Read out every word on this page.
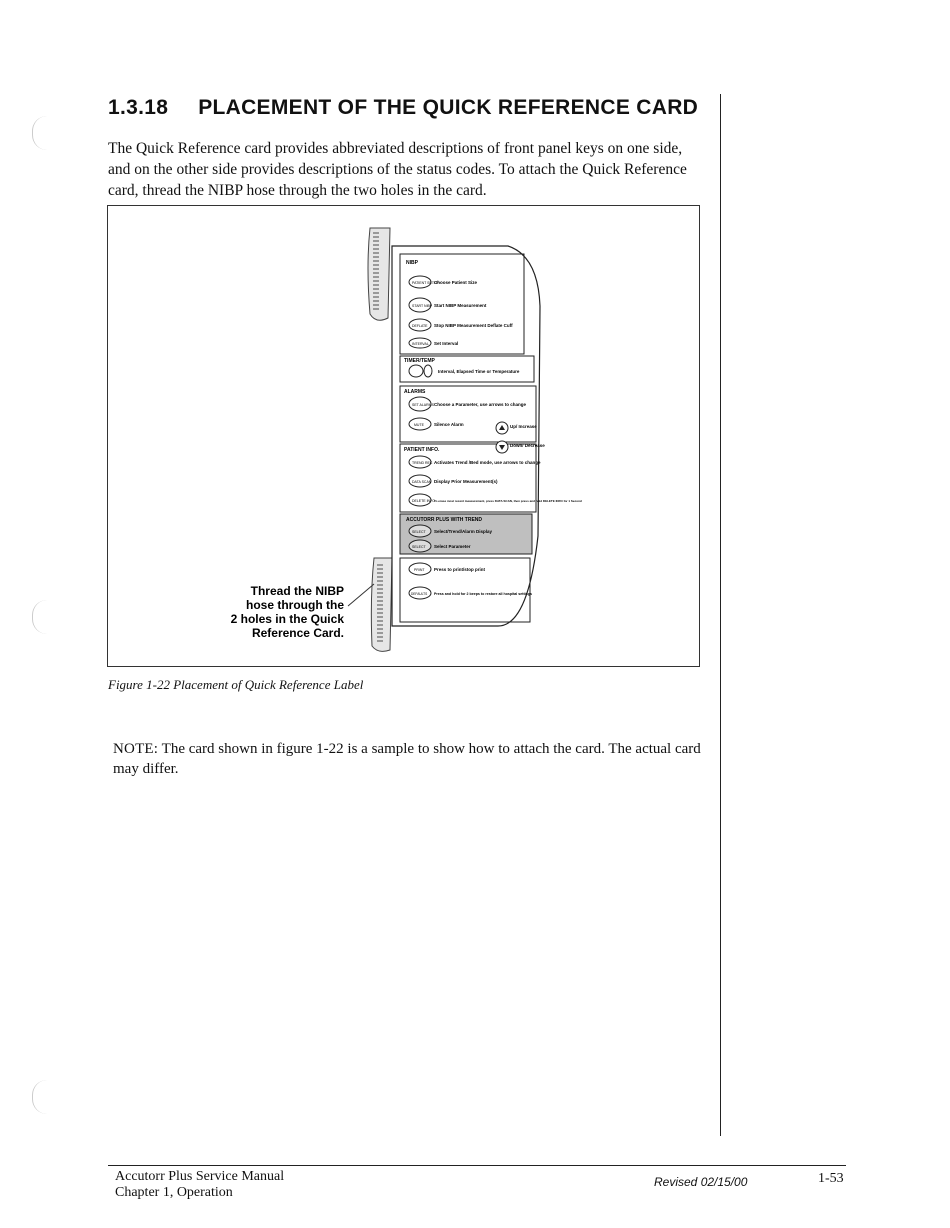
1.3.18 PLACEMENT OF THE QUICK REFERENCE CARD
The Quick Reference card provides abbreviated descriptions of front panel keys on one side, and on the other side provides descriptions of the status codes. To attach the Quick Reference card, thread the NIBP hose through the two holes in the card.
NIBP
TIMER/TEMP
ALARMS
PATIENT INFO.
ACCUTORR PLUS WITH TREND
PATIENT SETUP
Choose Patient Size
START NIBP Start NIBP Measurement
DEFLATE Stop NIBP Measurement Deflate Cuff
INTERVAL Set Interval
Interval, Elapsed Time or Temperature
SET ALARMS Choose a Parameter, use arrows to change
MUTE Silence Alarm	Up/ Increase
Down/ Decrease
TREND REC Activates Trend /Bed mode, use arrows to change
DATA SCAN Display Prior Measurement(s)
DELETE INFO To erase most recent measurement, press DATA SCAN, then press and hold DELETE INFO for 1 Second
SELECT Select/Trend/Alarm Display
SELECT Select Parameter
PRINT Press to print/stop print
DEFAULTS Press and hold for 2 beeps to restore all hospital settings
Thread the NIBP
hose through the
2 holes in the Quick
Reference Card.
Figure 1-22 Placement of Quick Reference Label
NOTE: The card shown in figure 1-22 is a sample to show how to attach the card. The actual card may differ.
Accutorr Plus Service Manual
Chapter 1, Operation
Revised 02/15/00	1-53
